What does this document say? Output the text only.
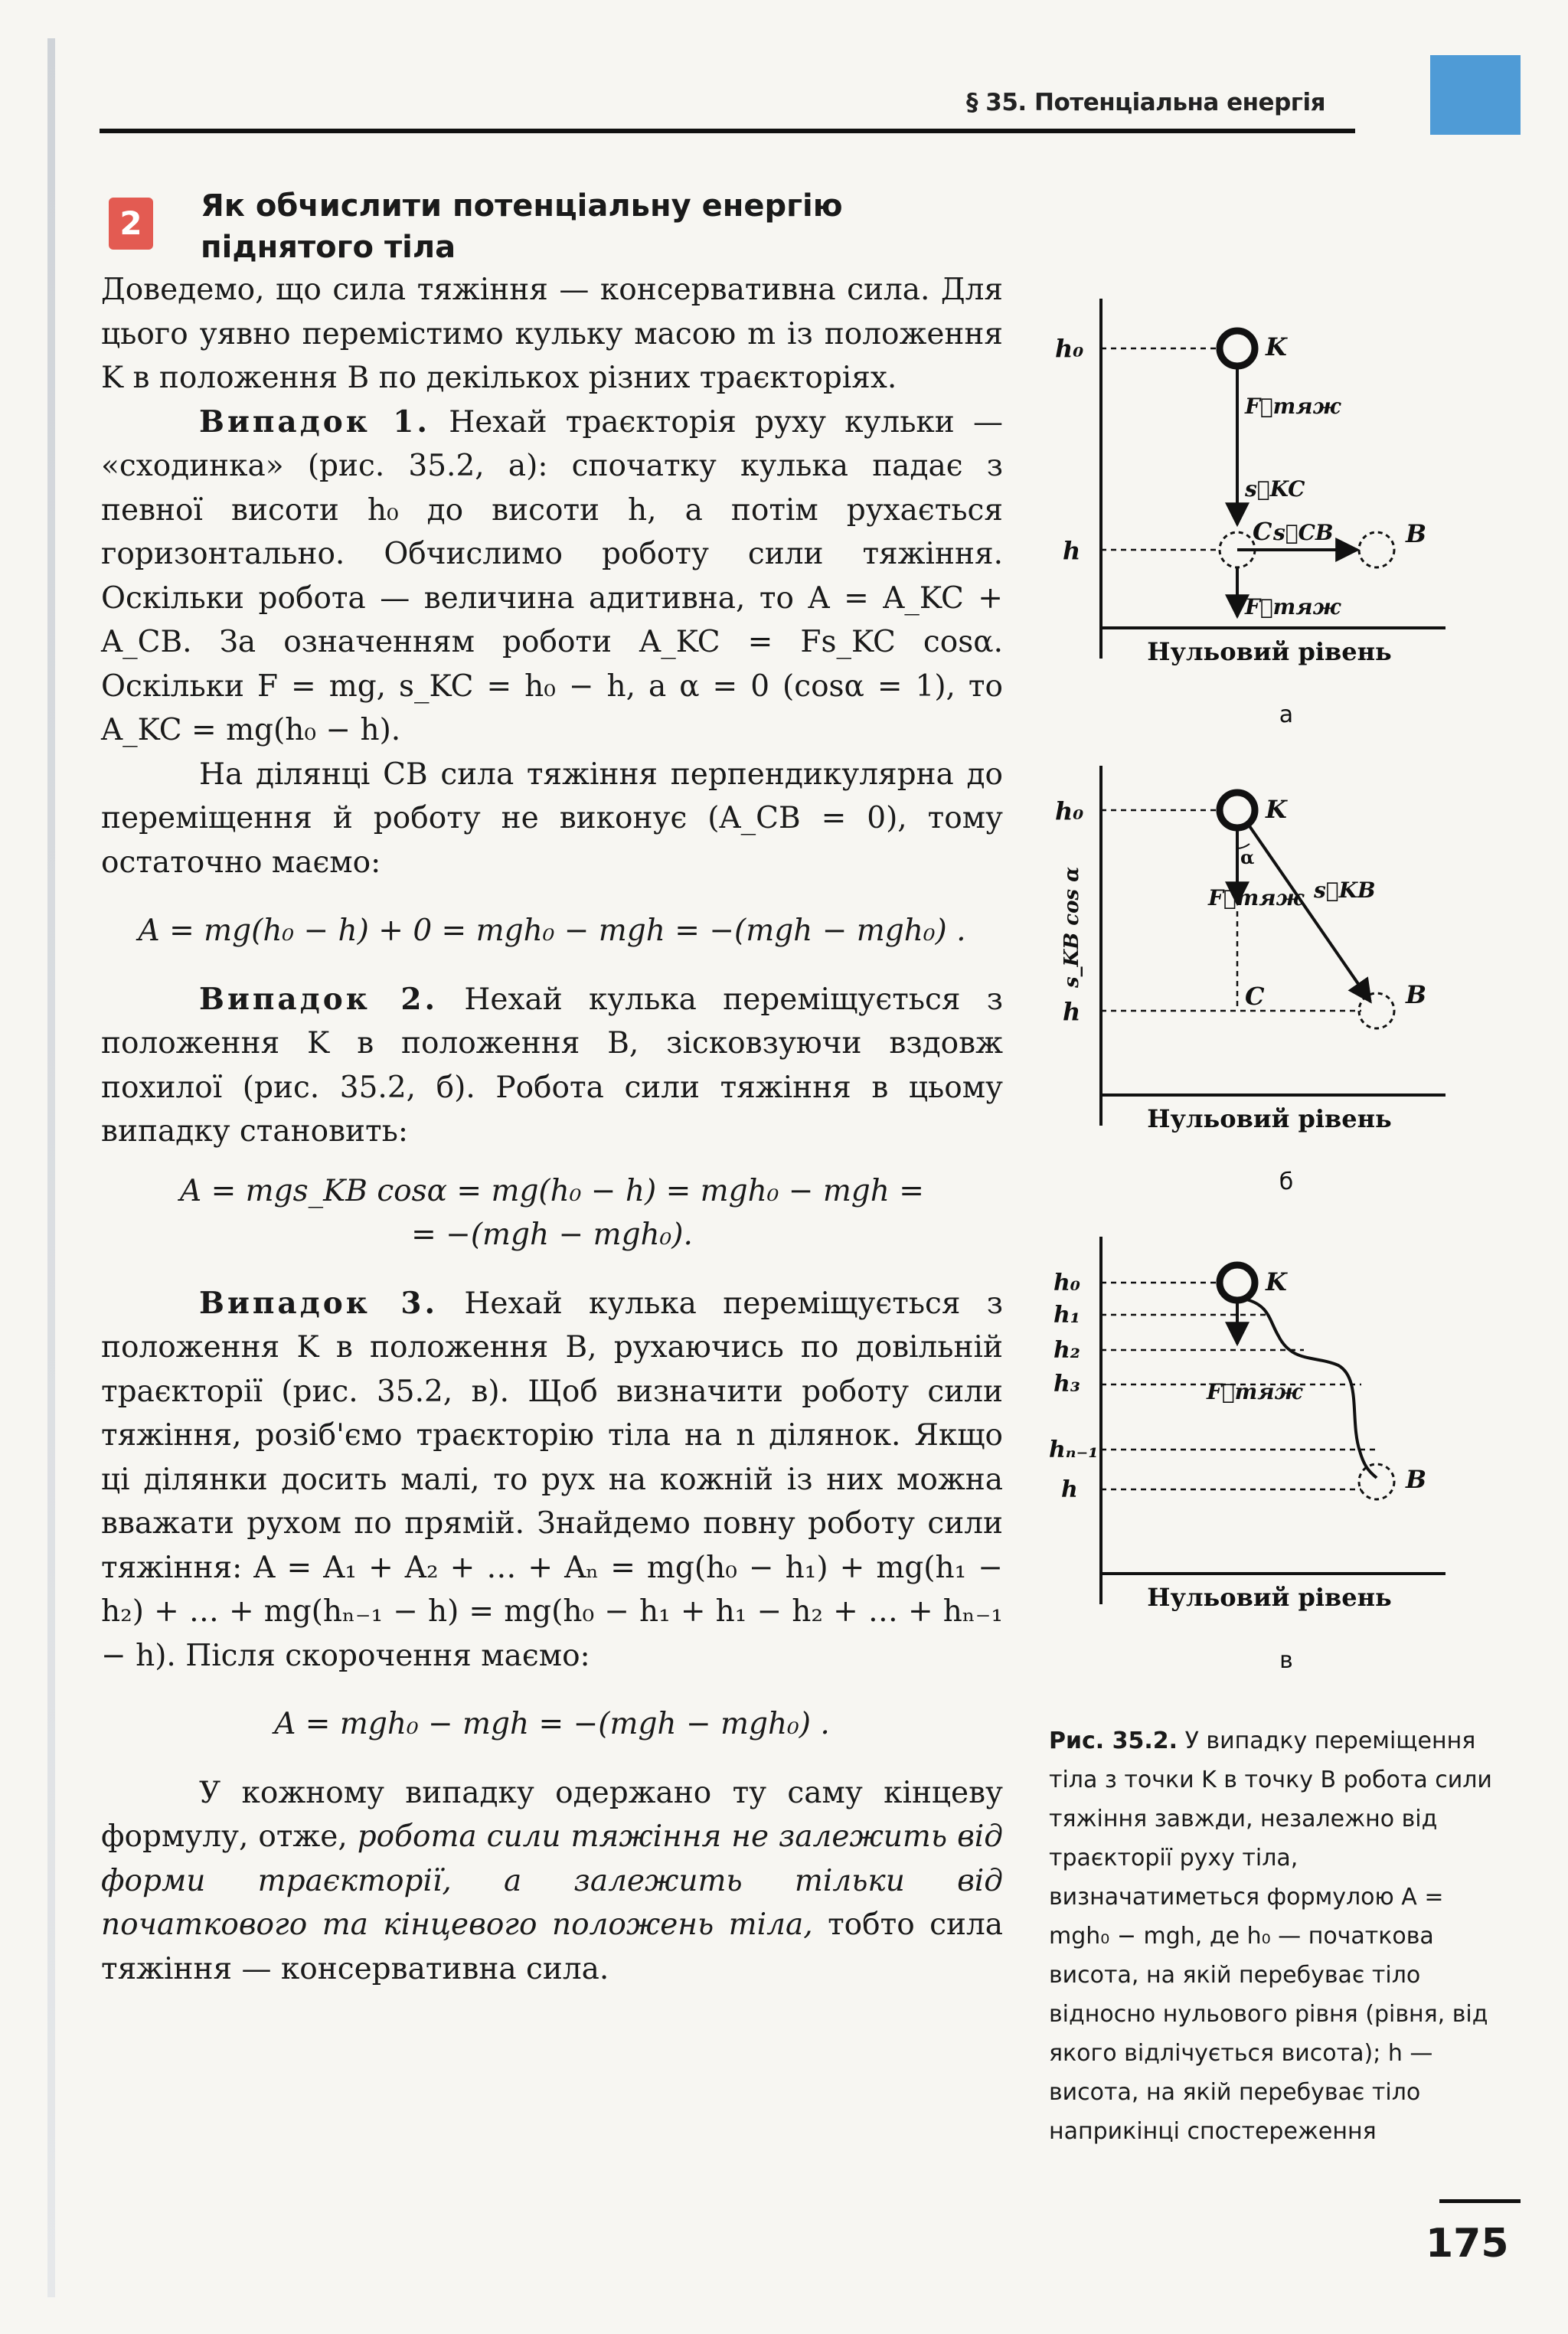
§ 35. Потенціальна енергія
2	Як обчислити потенціальну енергію піднятого тіла

Доведемо, що сила тяжіння — консервативна сила. Для цього уявно перемістимо кульку масою m із положення K в положення B по декількох різних траєкторіях.

Випадок 1. Нехай траєкторія руху кульки — «сходинка» (рис. 35.2, а): спочатку кулька падає з певної висоти h₀ до висоти h, а потім рухається горизонтально. Обчислимо роботу сили тяжіння. Оскільки робота — величина адитивна, то A = A_KC + A_CB. За означенням роботи A_KC = Fs_KC cosα. Оскільки F = mg, s_KC = h₀ − h, а α = 0 (cosα = 1), то A_KC = mg(h₀ − h).

На ділянці CB сила тяжіння перпендикулярна до переміщення й роботу не виконує (A_CB = 0), тому остаточно маємо:

A = mg(h₀ − h) + 0 = mgh₀ − mgh = −(mgh − mgh₀) .

Випадок 2. Нехай кулька переміщується з положення K в положення B, зісковзуючи вздовж похилої (рис. 35.2, б). Робота сили тяжіння в цьому випадку становить:

A = mgs_KB cosα = mg(h₀ − h) = mgh₀ − mgh =

= −(mgh − mgh₀).

Випадок 3. Нехай кулька переміщується з положення K в положення B, рухаючись по довільній траєкторії (рис. 35.2, в). Щоб визначити роботу сили тяжіння, розіб'ємо траєкторію тіла на n ділянок. Якщо ці ділянки досить малі, то рух на кожній із них можна вважати рухом по прямій. Знайдемо повну роботу сили тяжіння: A = A₁ + A₂ + … + Aₙ = mg(h₀ − h₁) + mg(h₁ − h₂) + … + mg(hₙ₋₁ − h) = mg(h₀ − h₁ + h₁ − h₂ + … + hₙ₋₁ − h). Після скорочення маємо:

A = mgh₀ − mgh = −(mgh − mgh₀) .

У кожному випадку одержано ту саму кінцеву формулу, отже, робота сили тяжіння не залежить від форми траєкторії, а залежить тільки від початкового та кінцевого положень тіла, тобто сила тяжіння — консервативна сила.

h₀
h
K
C	B
F⃗тяж
s⃗KC
s⃗CB
F⃗тяж
Нульовий рівень
а
h₀
h
K
C	B
F⃗тяж s⃗KB
α
s_KB cos α
Нульовий рівень
б
h₀
h₁
h₂
h₃
hₙ₋₁
h
K
B
F⃗тяж
Нульовий рівень
в
Рис. 35.2. У випадку переміщення тіла з точки K в точку B робота сили тяжіння завжди, незалежно від траєкторії руху тіла, визначатиметься формулою A = mgh₀ − mgh, де h₀ — початкова висота, на якій перебуває тіло відносно нульового рівня (рівня, від якого відлічується висота); h — висота, на якій перебуває тіло наприкінці спостереження
175
